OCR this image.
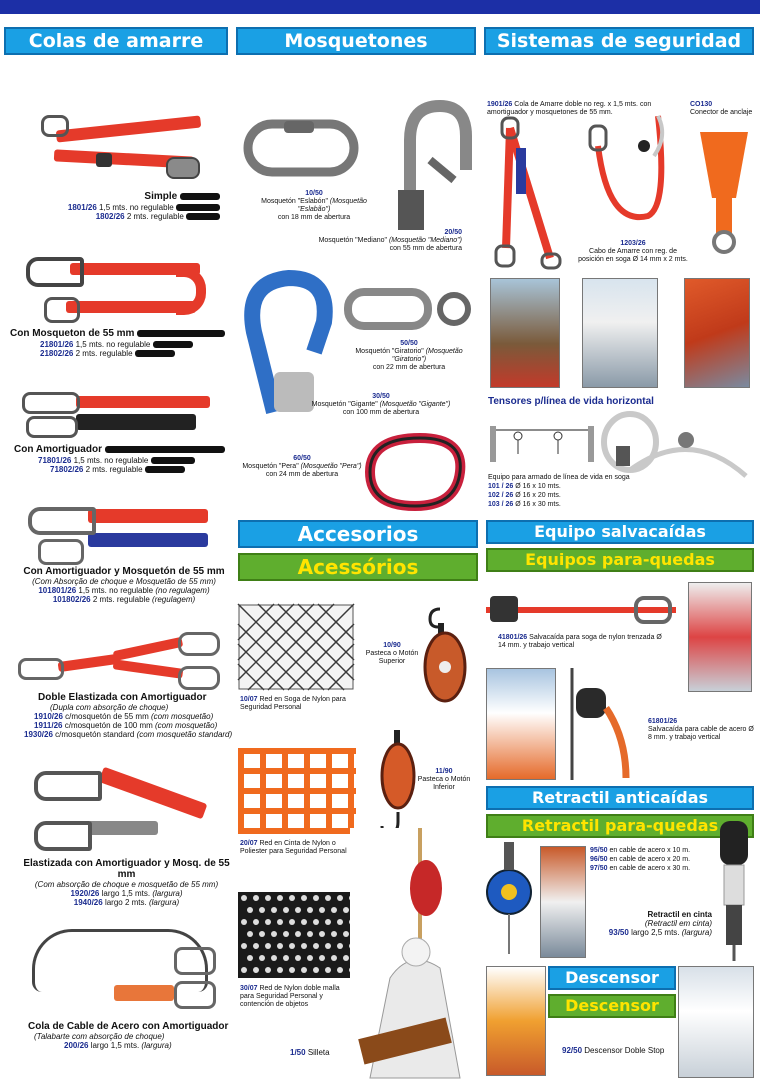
Colas de amarre	Mosquetones	Sistemas de seguridad
Simple
1801/26 1,5 mts. no regulable
1802/26 2 mts. regulable
Con Mosqueton de 55 mm
21801/26 1,5 mts. no regulable
21802/26 2 mts. regulable
Con Amortiguador
71801/26 1,5 mts. no regulable
71802/26 2 mts. regulable
Con Amortiguador y Mosquetón de 55 mm
(Com Absorção de choque e Mosquetão de 55 mm)
101801/26 1,5 mts. no regulable (no regulagem)
101802/26 2 mts. regulable (regulagem)
Doble Elastizada con Amortiguador
(Dupla com absorção de choque)
1910/26 c/mosquetón de 55 mm (com mosquetão)
1911/26 c/mosquetón de 100 mm (com mosquetão)
1930/26 c/mosquetón standard (com mosquetão standard)
Elastizada con Amortiguador y Mosq. de 55 mm
(Com absorção de choque e mosquetão de 55 mm)
1920/26 largo 1,5 mts. (largura)
1940/26 largo 2 mts. (largura)
Cola de Cable de Acero con Amortiguador
(Talabarte com absorção de choque)
200/26 largo 1,5 mts. (largura)
10/50
Mosquetón "Eslabón" (Mosquetão "Eslabão")
con 18 mm de abertura
20/50
Mosquetón "Mediano" (Mosquetão "Mediano")
con 55 mm de abertura
50/50
Mosquetón "Giratorio" (Mosquetão "Giratorio")
con 22 mm de abertura
30/50
Mosquetón "Gigante" (Mosquetão "Gigante")
con 100 mm de abertura
60/50
Mosquetón "Pera" (Mosquetão "Pera")
con 24 mm de abertura
Accesorios
Acessórios
10/07 Red en Soga de Nylon para Seguridad Personal
10/90
Pasteca o Motón Superior
20/07 Red en Cinta de Nylon o Poliester para Seguridad Personal
11/90
Pasteca o Motón Inferior
30/07 Red de Nylon doble malla para Seguridad Personal y contención de objetos
1/50 Silleta
1901/26 Cola de Amarre doble no reg. x 1,5 mts. con amortiguador y mosquetones de 55 mm.
CO130
Conector de anclaje
1203/26
Cabo de Amarre con reg. de posición en soga Ø 14 mm x 2 mts.
Tensores p/línea de vida horizontal
Equipo para armado de línea de vida en soga
101 / 26 Ø 16 x 10 mts.
102 / 26 Ø 16 x 20 mts.
103 / 26 Ø 16 x 30 mts.
Equipo salvacaídas
Equipos para-quedas
41801/26 Salvacaída para soga de nylon trenzada Ø 14 mm. y trabajo vertical
61801/26
Salvacaída para cable de acero Ø 8 mm. y trabajo vertical
Retractil anticaídas
Retractil para-quedas
95/50 en cable de acero x 10 m.
96/50 en cable de acero x 20 m.
97/50 en cable de acero x 30 m.
Retractil en cinta
(Retractil em cinta)
93/50 largo 2,5 mts. (largura)
Descensor
Descensor
92/50 Descensor Doble Stop
